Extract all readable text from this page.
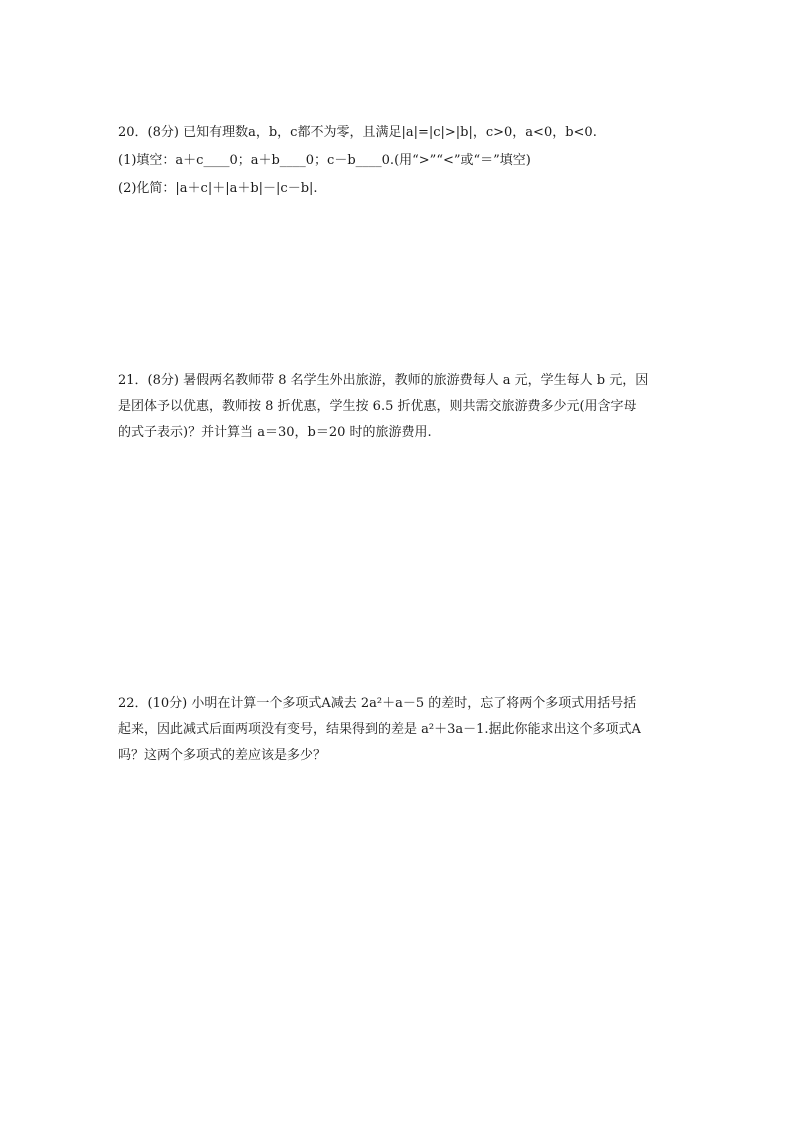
20．(8分) 已知有理数a，b，c都不为零，且满足|a|=|c|>|b|，c>0，a<0，b<0.

(1)填空：a＋c____0；a＋b____0；c－b____0.(用“>”“<”或“＝”填空)

(2)化简：|a＋c|＋|a＋b|－|c－b|.

21．(8分) 暑假两名教师带 8 名学生外出旅游，教师的旅游费每人 a 元，学生每人 b 元，因

是团体予以优惠，教师按 8 折优惠，学生按 6.5 折优惠，则共需交旅游费多少元(用含字母

的式子表示)？并计算当 a＝30，b＝20 时的旅游费用.

22．(10分) 小明在计算一个多项式A减去 2a²＋a－5 的差时，忘了将两个多项式用括号括

起来，因此减式后面两项没有变号，结果得到的差是 a²＋3a－1.据此你能求出这个多项式A

吗？这两个多项式的差应该是多少？
